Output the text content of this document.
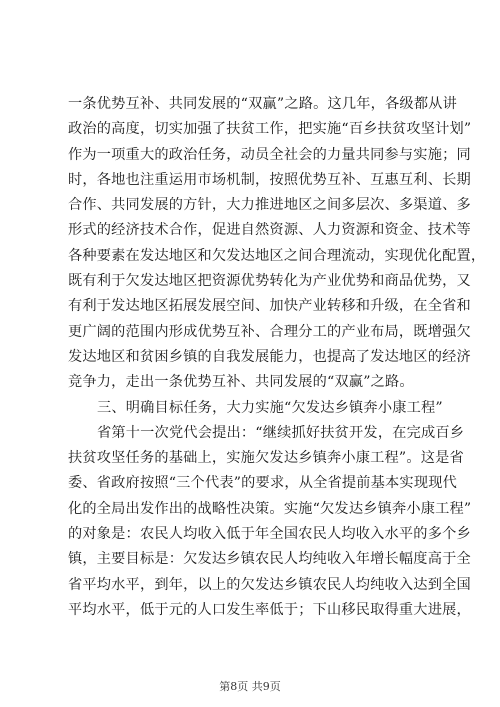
一条优势互补、共同发展的“双赢”之路。这几年，各级都从讲
政治的高度，切实加强了扶贫工作，把实施“百乡扶贫攻坚计划”
作为一项重大的政治任务，动员全社会的力量共同参与实施；同
时，各地也注重运用市场机制，按照优势互补、互惠互利、长期
合作、共同发展的方针，大力推进地区之间多层次、多渠道、多
形式的经济技术合作，促进自然资源、人力资源和资金、技术等
各种要素在发达地区和欠发达地区之间合理流动，实现优化配置，
既有利于欠发达地区把资源优势转化为产业优势和商品优势，又
有利于发达地区拓展发展空间、加快产业转移和升级，在全省和
更广阔的范围内形成优势互补、合理分工的产业布局，既增强欠
发达地区和贫困乡镇的自我发展能力，也提高了发达地区的经济
竞争力，走出一条优势互补、共同发展的“双赢”之路。
三、明确目标任务，大力实施“欠发达乡镇奔小康工程”
省第十一次党代会提出：“继续抓好扶贫开发，在完成百乡
扶贫攻坚任务的基础上，实施欠发达乡镇奔小康工程”。这是省
委、省政府按照“三个代表”的要求，从全省提前基本实现现代
化的全局出发作出的战略性决策。实施“欠发达乡镇奔小康工程”
的对象是：农民人均收入低于年全国农民人均收入水平的多个乡
镇，主要目标是：欠发达乡镇农民人均纯收入年增长幅度高于全
省平均水平，到年，以上的欠发达乡镇农民人均纯收入达到全国
平均水平，低于元的人口发生率低于；下山移民取得重大进展，
第8页 共9页
